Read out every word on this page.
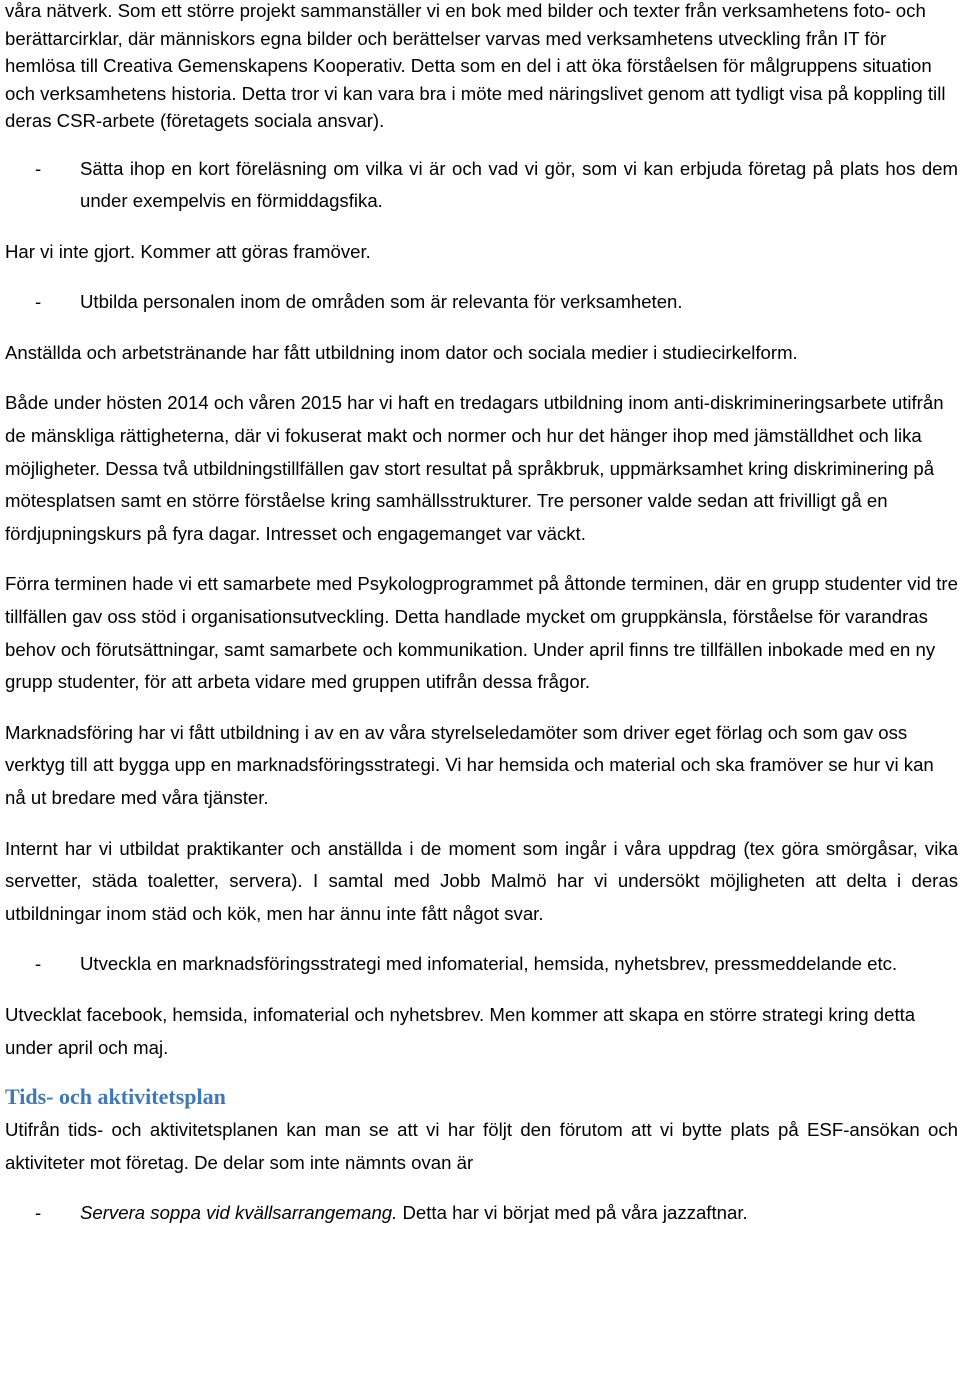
våra nätverk. Som ett större projekt sammanställer vi en bok med bilder och texter från verksamhetens foto- och berättarcirklar, där människors egna bilder och berättelser varvas med verksamhetens utveckling från IT för hemlösa till Creativa Gemenskapens Kooperativ. Detta som en del i att öka förståelsen för målgruppens situation och verksamhetens historia. Detta tror vi kan vara bra i möte med näringslivet genom att tydligt visa på koppling till deras CSR-arbete (företagets sociala ansvar).

- Sätta ihop en kort föreläsning om vilka vi är och vad vi gör, som vi kan erbjuda företag på plats hos dem under exempelvis en förmiddagsfika.

Har vi inte gjort. Kommer att göras framöver.

- Utbilda personalen inom de områden som är relevanta för verksamheten.

Anställda och arbetstränande har fått utbildning inom dator och sociala medier i studiecirkelform.

Både under hösten 2014 och våren 2015 har vi haft en tredagars utbildning inom anti-diskrimineringsarbete utifrån de mänskliga rättigheterna, där vi fokuserat makt och normer och hur det hänger ihop med jämställdhet och lika möjligheter. Dessa två utbildningstillfällen gav stort resultat på språkbruk, uppmärksamhet kring diskriminering på mötesplatsen samt en större förståelse kring samhällsstrukturer. Tre personer valde sedan att frivilligt gå en fördjupningskurs på fyra dagar. Intresset och engagemanget var väckt.

Förra terminen hade vi ett samarbete med Psykologprogrammet på åttonde terminen, där en grupp studenter vid tre tillfällen gav oss stöd i organisationsutveckling. Detta handlade mycket om gruppkänsla, förståelse för varandras behov och förutsättningar, samt samarbete och kommunikation. Under april finns tre tillfällen inbokade med en ny grupp studenter, för att arbeta vidare med gruppen utifrån dessa frågor.

Marknadsföring har vi fått utbildning i av en av våra styrelseledamöter som driver eget förlag och som gav oss verktyg till att bygga upp en marknadsföringsstrategi. Vi har hemsida och material och ska framöver se hur vi kan nå ut bredare med våra tjänster.

Internt har vi utbildat praktikanter och anställda i de moment som ingår i våra uppdrag (tex göra smörgåsar, vika servetter, städa toaletter, servera). I samtal med Jobb Malmö har vi undersökt möjligheten att delta i deras utbildningar inom städ och kök, men har ännu inte fått något svar.

- Utveckla en marknadsföringsstrategi med infomaterial, hemsida, nyhetsbrev, pressmeddelande etc.

Utvecklat facebook, hemsida, infomaterial och nyhetsbrev. Men kommer att skapa en större strategi kring detta under april och maj.

Tids- och aktivitetsplan

Utifrån tids- och aktivitetsplanen kan man se att vi har följt den förutom att vi bytte plats på ESF-ansökan och aktiviteter mot företag. De delar som inte nämnts ovan är

- Servera soppa vid kvällsarrangemang. Detta har vi börjat med på våra jazzaftnar.
